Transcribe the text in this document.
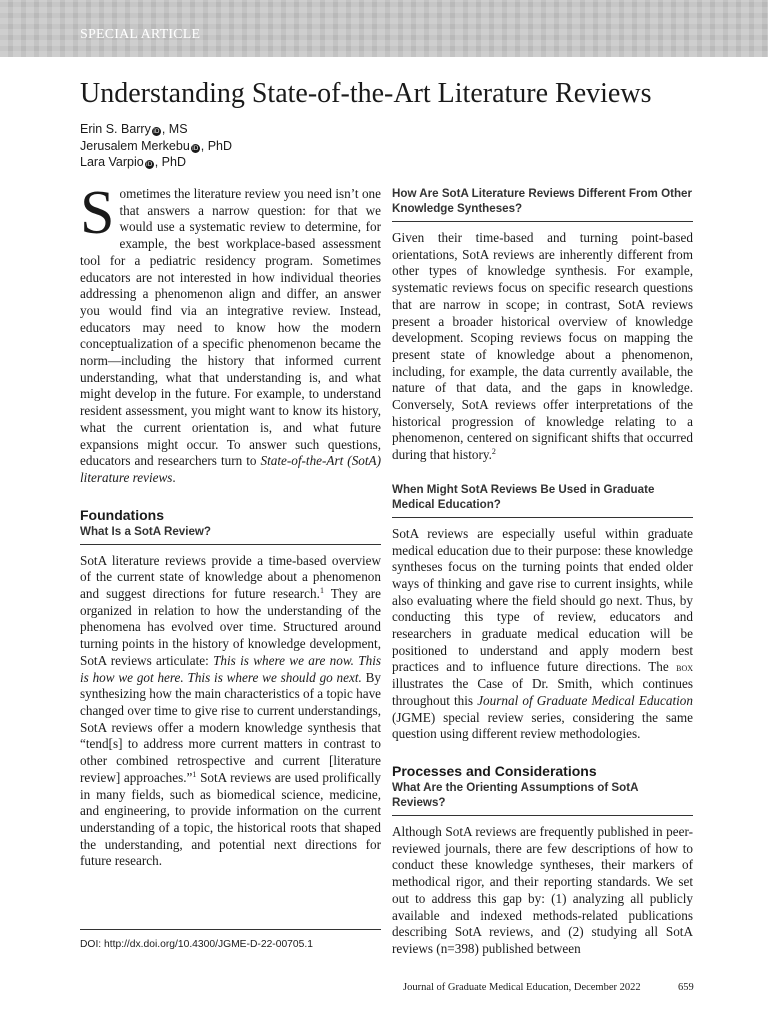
SPECIAL ARTICLE
Understanding State-of-the-Art Literature Reviews
Erin S. Barry iD , MS
Jerusalem Merkebu iD , PhD
Lara Varpio iD , PhD

Sometimes the literature review you need isn’t one that answers a narrow question: for that we would use a systematic review to determine, for example, the best workplace-based assessment tool for a pediatric residency program. Sometimes educators are not interested in how individual theories addressing a phenomenon align and differ, an answer you would find via an integrative review. Instead, educators may need to know how the modern conceptualization of a specific phenomenon became the norm—including the history that informed current understanding, what that understanding is, and what might develop in the future. For example, to understand resident assessment, you might want to know its history, what the current orientation is, and what future expansions might occur. To answer such questions, educators and researchers turn to State-of-the-Art (SotA) literature reviews.

Foundations
What Is a SotA Review?

SotA literature reviews provide a time-based overview of the current state of knowledge about a phenomenon and suggest directions for future research.$^1$ They are organized in relation to how the understanding of the phenomena has evolved over time. Structured around turning points in the history of knowledge development, SotA reviews articulate: This is where we are now. This is how we got here. This is where we should go next. By synthesizing how the main characteristics of a topic have changed over time to give rise to current understandings, SotA reviews offer a modern knowledge synthesis that “tend[s] to address more current matters in contrast to other combined retrospective and current [literature review] approaches.”$^1$ SotA reviews are used prolifically in many fields, such as biomedical science, medicine, and engineering, to provide information on the current understanding of a topic, the historical roots that shaped the understanding, and potential next directions for future research.

DOI: http://dx.doi.org/10.4300/JGME-D-22-00705.1
How Are SotA Literature Reviews Different From Other Knowledge Syntheses?

Given their time-based and turning point-based orientations, SotA reviews are inherently different from other types of knowledge synthesis. For example, systematic reviews focus on specific research questions that are narrow in scope; in contrast, SotA reviews present a broader historical overview of knowledge development. Scoping reviews focus on mapping the present state of knowledge about a phenomenon, including, for example, the data currently available, the nature of that data, and the gaps in knowledge. Conversely, SotA reviews offer interpretations of the historical progression of knowledge relating to a phenomenon, centered on significant shifts that occurred during that history.$^2$

When Might SotA Reviews Be Used in Graduate Medical Education?

SotA reviews are especially useful within graduate medical education due to their purpose: these knowledge syntheses focus on the turning points that ended older ways of thinking and gave rise to current insights, while also evaluating where the field should go next. Thus, by conducting this type of review, educators and researchers in graduate medical education will be positioned to understand and apply modern best practices and to influence future directions. The box illustrates the Case of Dr. Smith, which continues throughout this Journal of Graduate Medical Education (JGME) special review series, considering the same question using different review methodologies.

Processes and Considerations
What Are the Orienting Assumptions of SotA Reviews?

Although SotA reviews are frequently published in peer-reviewed journals, there are few descriptions of how to conduct these knowledge syntheses, their markers of methodical rigor, and their reporting standards. We set out to address this gap by: (1) analyzing all publicly available and indexed methods-related publications describing SotA reviews, and (2) studying all SotA reviews (n=398) published between

Journal of Graduate Medical Education, December 2022	659
